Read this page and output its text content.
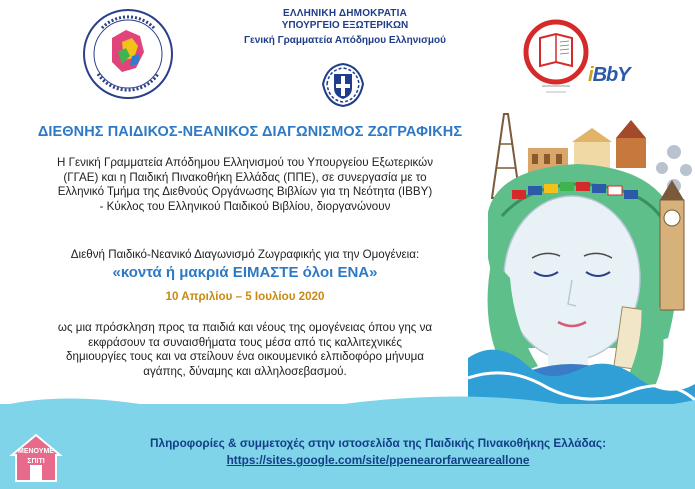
ΕΛΛΗΝΙΚΗ ΔΗΜΟΚΡΑΤΙΑ
ΥΠΟΥΡΓΕΙΟ ΕΞΩΤΕΡΙΚΩΝ
Γενική Γραμματεία Απόδημου Ελληνισμού
iBbY
ΔΙΕΘΝΗΣ ΠΑΙΔΙΚΟΣ-ΝΕΑΝΙΚΟΣ ΔΙΑΓΩΝΙΣΜΟΣ ΖΩΓΡΑΦΙΚΗΣ
Η Γενική Γραμματεία Απόδημου Ελληνισμού του Υπουργείου Εξωτερικών
(ΓΓΑΕ) και η Παιδική Πινακοθήκη Ελλάδας (ΠΠΕ), σε συνεργασία με το
Ελληνικό Τμήμα της Διεθνούς Οργάνωσης Βιβλίων για τη Νεότητα (IBBY)
- Κύκλος του Ελληνικού Παιδικού Βιβλίου, διοργανώνουν
Διεθνή Παιδικό-Νεανικό Διαγωνισμό Ζωγραφικής για την Ομογένεια:
«κοντά ή μακριά ΕΙΜΑΣΤΕ όλοι ΕΝΑ»
10 Απριλίου – 5 Ιουλίου 2020
ως μια πρόσκληση προς τα παιδιά και νέους της ομογένειας όπου γης να
εκφράσουν τα συναισθήματα τους μέσα από τις καλλιτεχνικές
δημιουργίες τους και να στείλουν ένα οικουμενικό ελπιδοφόρο μήνυμα
αγάπης, δύναμης και αλληλοσεβασμού.
ΜΕΝΟΥΜΕ
ΣΠΙΤΙ
Πληροφορίες & συμμετοχές στην ιστοσελίδα της Παιδικής Πινακοθήκης Ελλάδας:
https://sites.google.com/site/ppenearorfarweareallone
